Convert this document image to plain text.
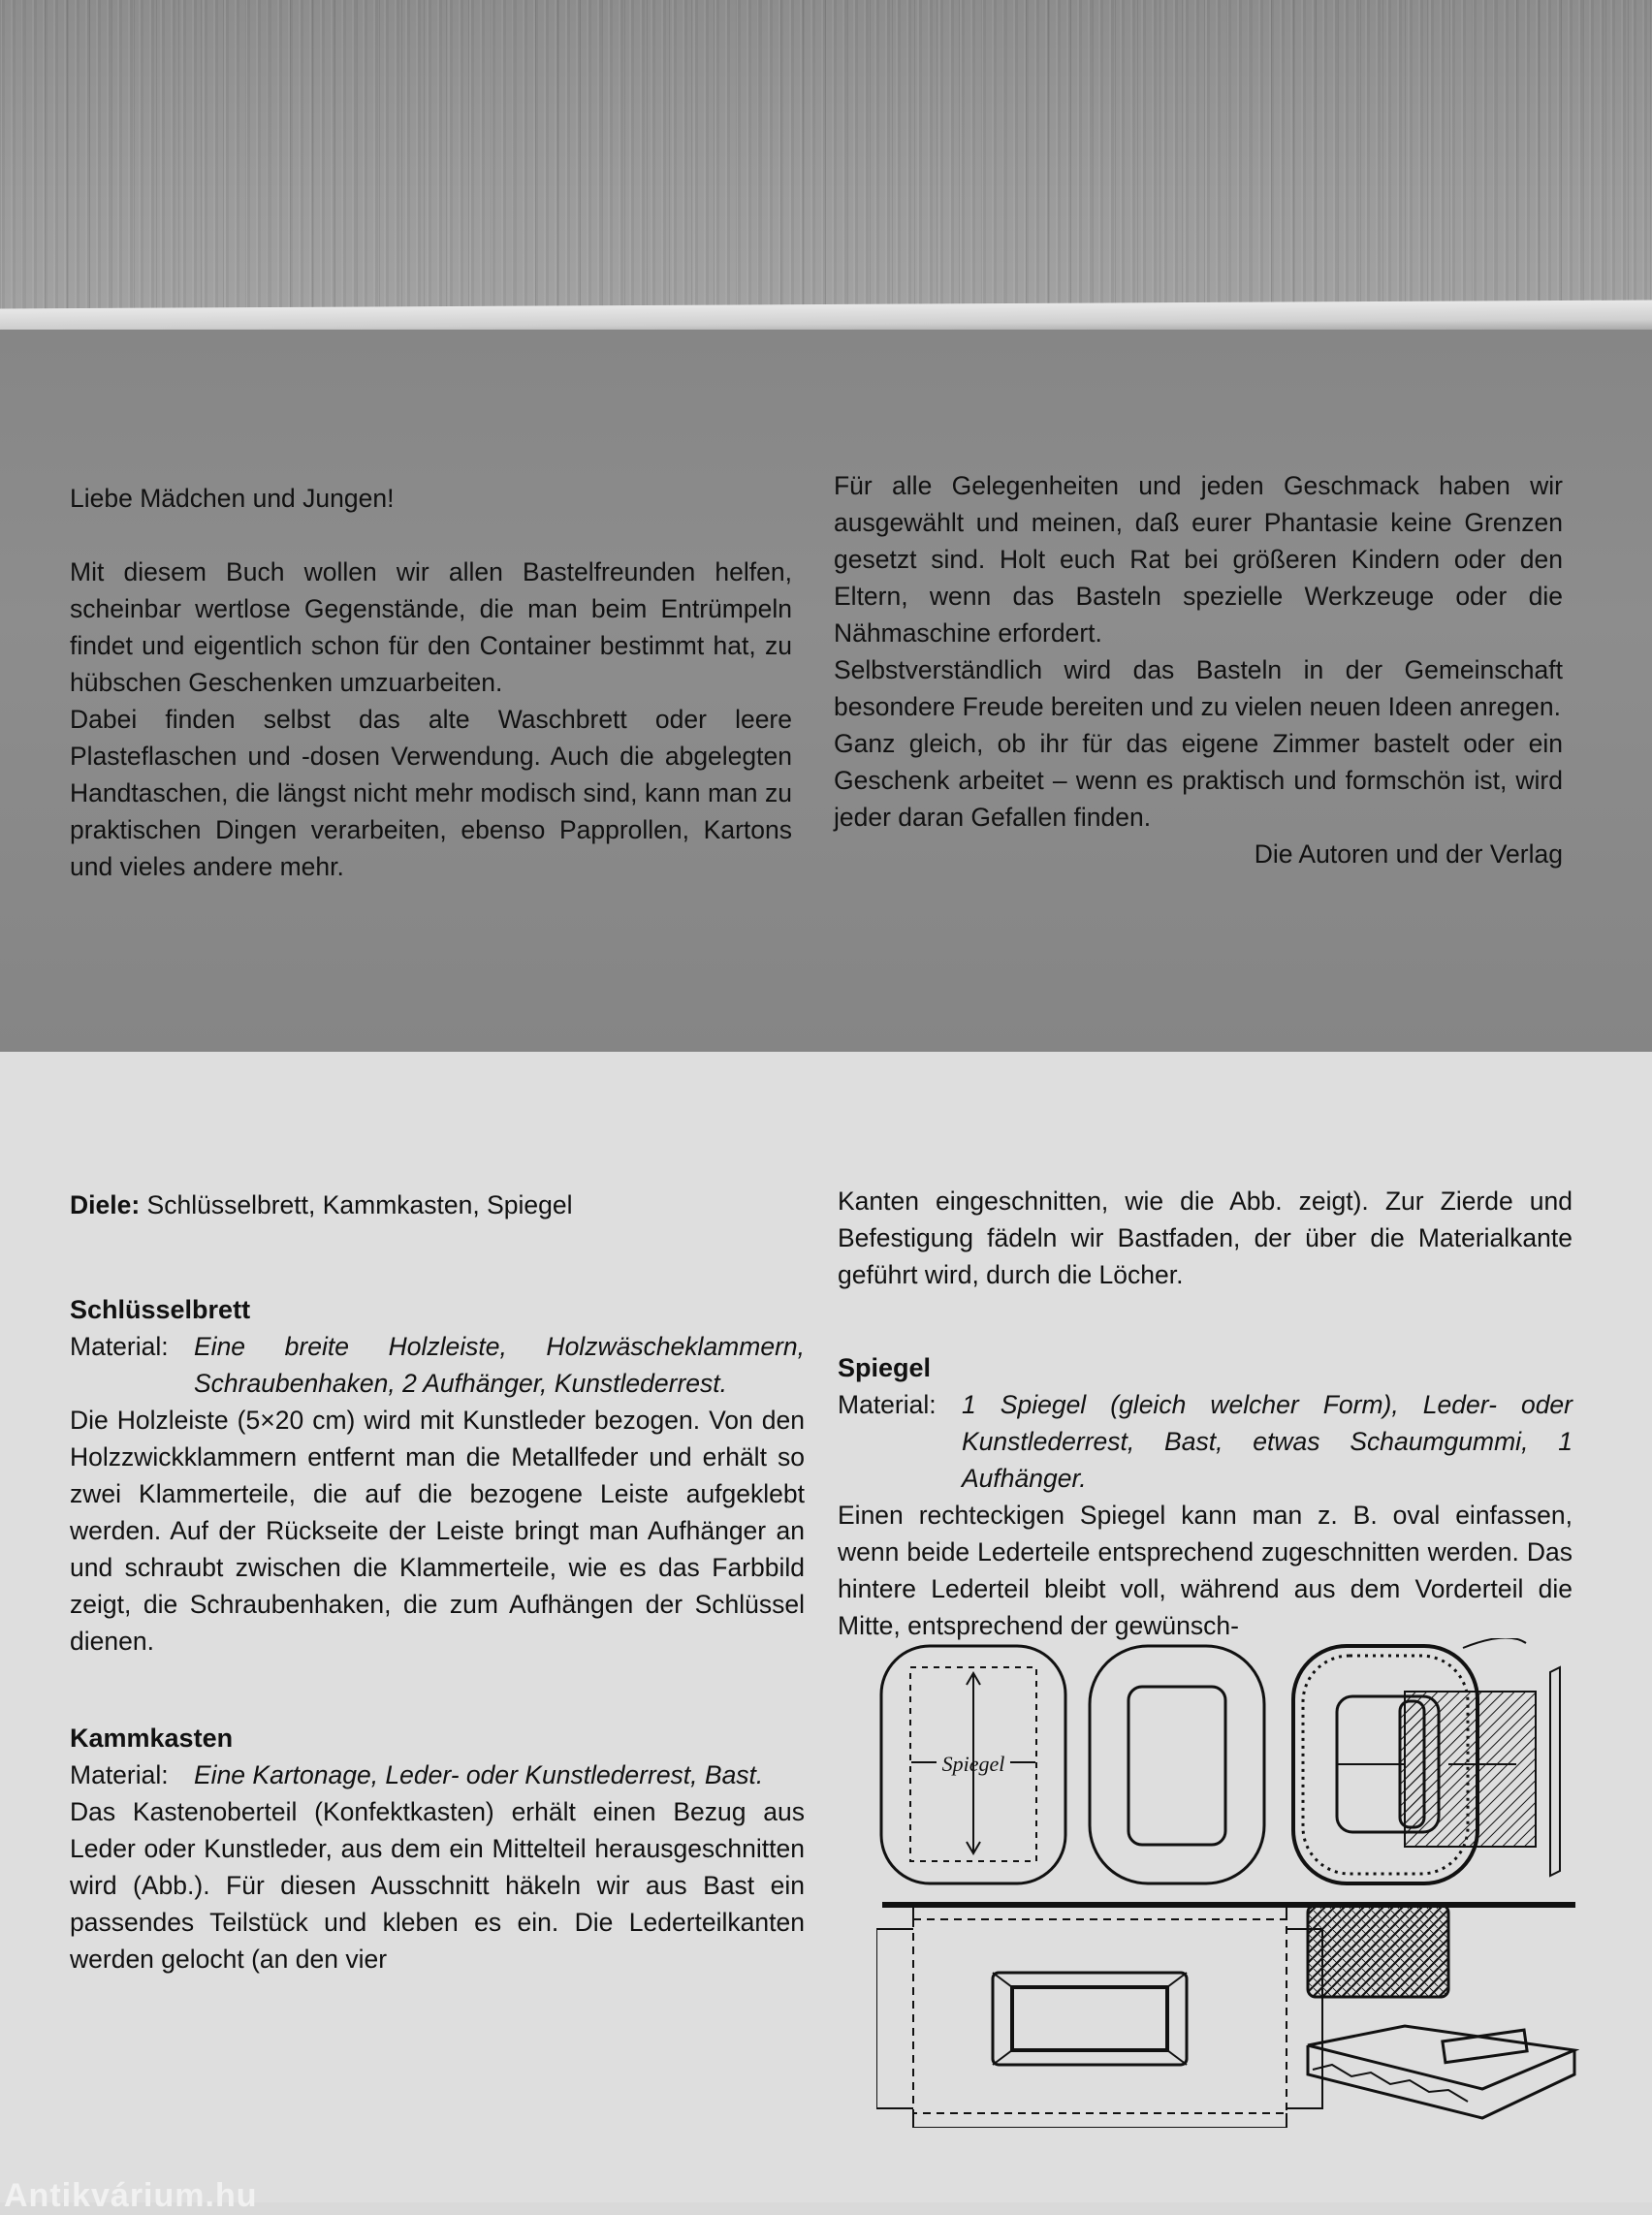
Liebe Mädchen und Jungen!

Mit diesem Buch wollen wir allen Bastelfreunden helfen, scheinbar wertlose Gegenstände, die man beim Entrümpeln findet und eigentlich schon für den Container bestimmt hat, zu hübschen Geschenken umzuarbeiten.

Dabei finden selbst das alte Waschbrett oder leere Plasteflaschen und -dosen Verwendung. Auch die abgelegten Handtaschen, die längst nicht mehr modisch sind, kann man zu praktischen Dingen verarbeiten, ebenso Papprollen, Kartons und vieles andere mehr.

Für alle Gelegenheiten und jeden Geschmack haben wir ausgewählt und meinen, daß eurer Phantasie keine Grenzen gesetzt sind. Holt euch Rat bei größeren Kindern oder den Eltern, wenn das Basteln spezielle Werkzeuge oder die Nähmaschine erfordert.

Selbstverständlich wird das Basteln in der Gemeinschaft besondere Freude bereiten und zu vielen neuen Ideen anregen.

Ganz gleich, ob ihr für das eigene Zimmer bastelt oder ein Geschenk arbeitet – wenn es praktisch und formschön ist, wird jeder daran Gefallen finden.

Die Autoren und der Verlag
Diele: Schlüsselbrett, Kammkasten, Spiegel
Schlüsselbrett
Material: Eine breite Holzleiste, Holzwäscheklammern, Schraubenhaken, 2 Aufhänger, Kunstlederrest.
Die Holzleiste (5×20 cm) wird mit Kunstleder bezogen. Von den Holzzwickklammern entfernt man die Metallfeder und erhält so zwei Klammerteile, die auf die bezogene Leiste aufgeklebt werden. Auf der Rückseite der Leiste bringt man Aufhänger an und schraubt zwischen die Klammerteile, wie es das Farbbild zeigt, die Schraubenhaken, die zum Aufhängen der Schlüssel dienen.
Kammkasten
Material: Eine Kartonage, Leder- oder Kunstlederrest, Bast.
Das Kastenoberteil (Konfektkasten) erhält einen Bezug aus Leder oder Kunstleder, aus dem ein Mittelteil herausgeschnitten wird (Abb.). Für diesen Ausschnitt häkeln wir aus Bast ein passendes Teilstück und kleben es ein. Die Lederteilkanten werden gelocht (an den vier
Kanten eingeschnitten, wie die Abb. zeigt). Zur Zierde und Befestigung fädeln wir Bastfaden, der über die Materialkante geführt wird, durch die Löcher.
Spiegel
Material: 1 Spiegel (gleich welcher Form), Leder- oder Kunstlederrest, Bast, etwas Schaumgummi, 1 Aufhänger.
Einen rechteckigen Spiegel kann man z. B. oval einfassen, wenn beide Lederteile entsprechend zugeschnitten werden. Das hintere Lederteil bleibt voll, während aus dem Vorderteil die Mitte, entsprechend der gewünsch-
Spiegel
Antikvárium.hu
